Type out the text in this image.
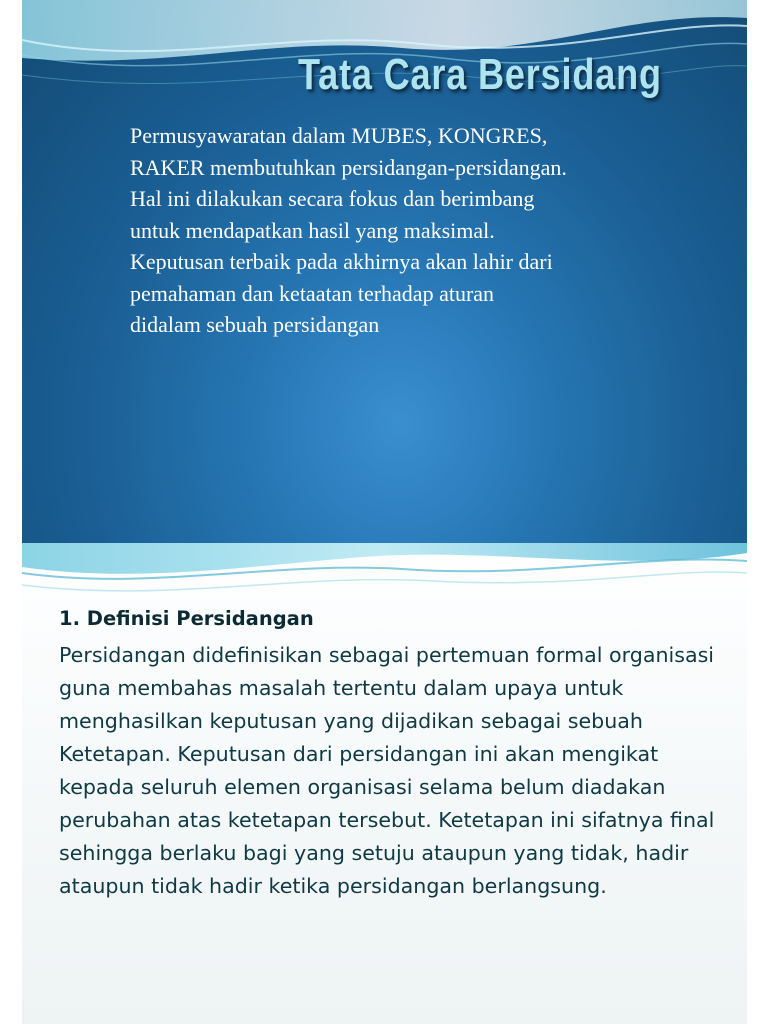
Tata Cara Bersidang

Permusyawaratan dalam MUBES, KONGRES, RAKER membutuhkan persidangan-persidangan. Hal ini dilakukan secara fokus dan berimbang untuk mendapatkan hasil yang maksimal. Keputusan terbaik pada akhirnya akan lahir dari pemahaman dan ketaatan terhadap aturan didalam sebuah persidangan

1. Definisi Persidangan

Persidangan didefinisikan sebagai pertemuan formal organisasi guna membahas masalah tertentu dalam upaya untuk menghasilkan keputusan yang dijadikan sebagai sebuah Ketetapan. Keputusan dari persidangan ini akan mengikat kepada seluruh elemen organisasi selama belum diadakan perubahan atas ketetapan tersebut. Ketetapan ini sifatnya final sehingga berlaku bagi yang setuju ataupun yang tidak, hadir ataupun tidak hadir ketika persidangan berlangsung.
